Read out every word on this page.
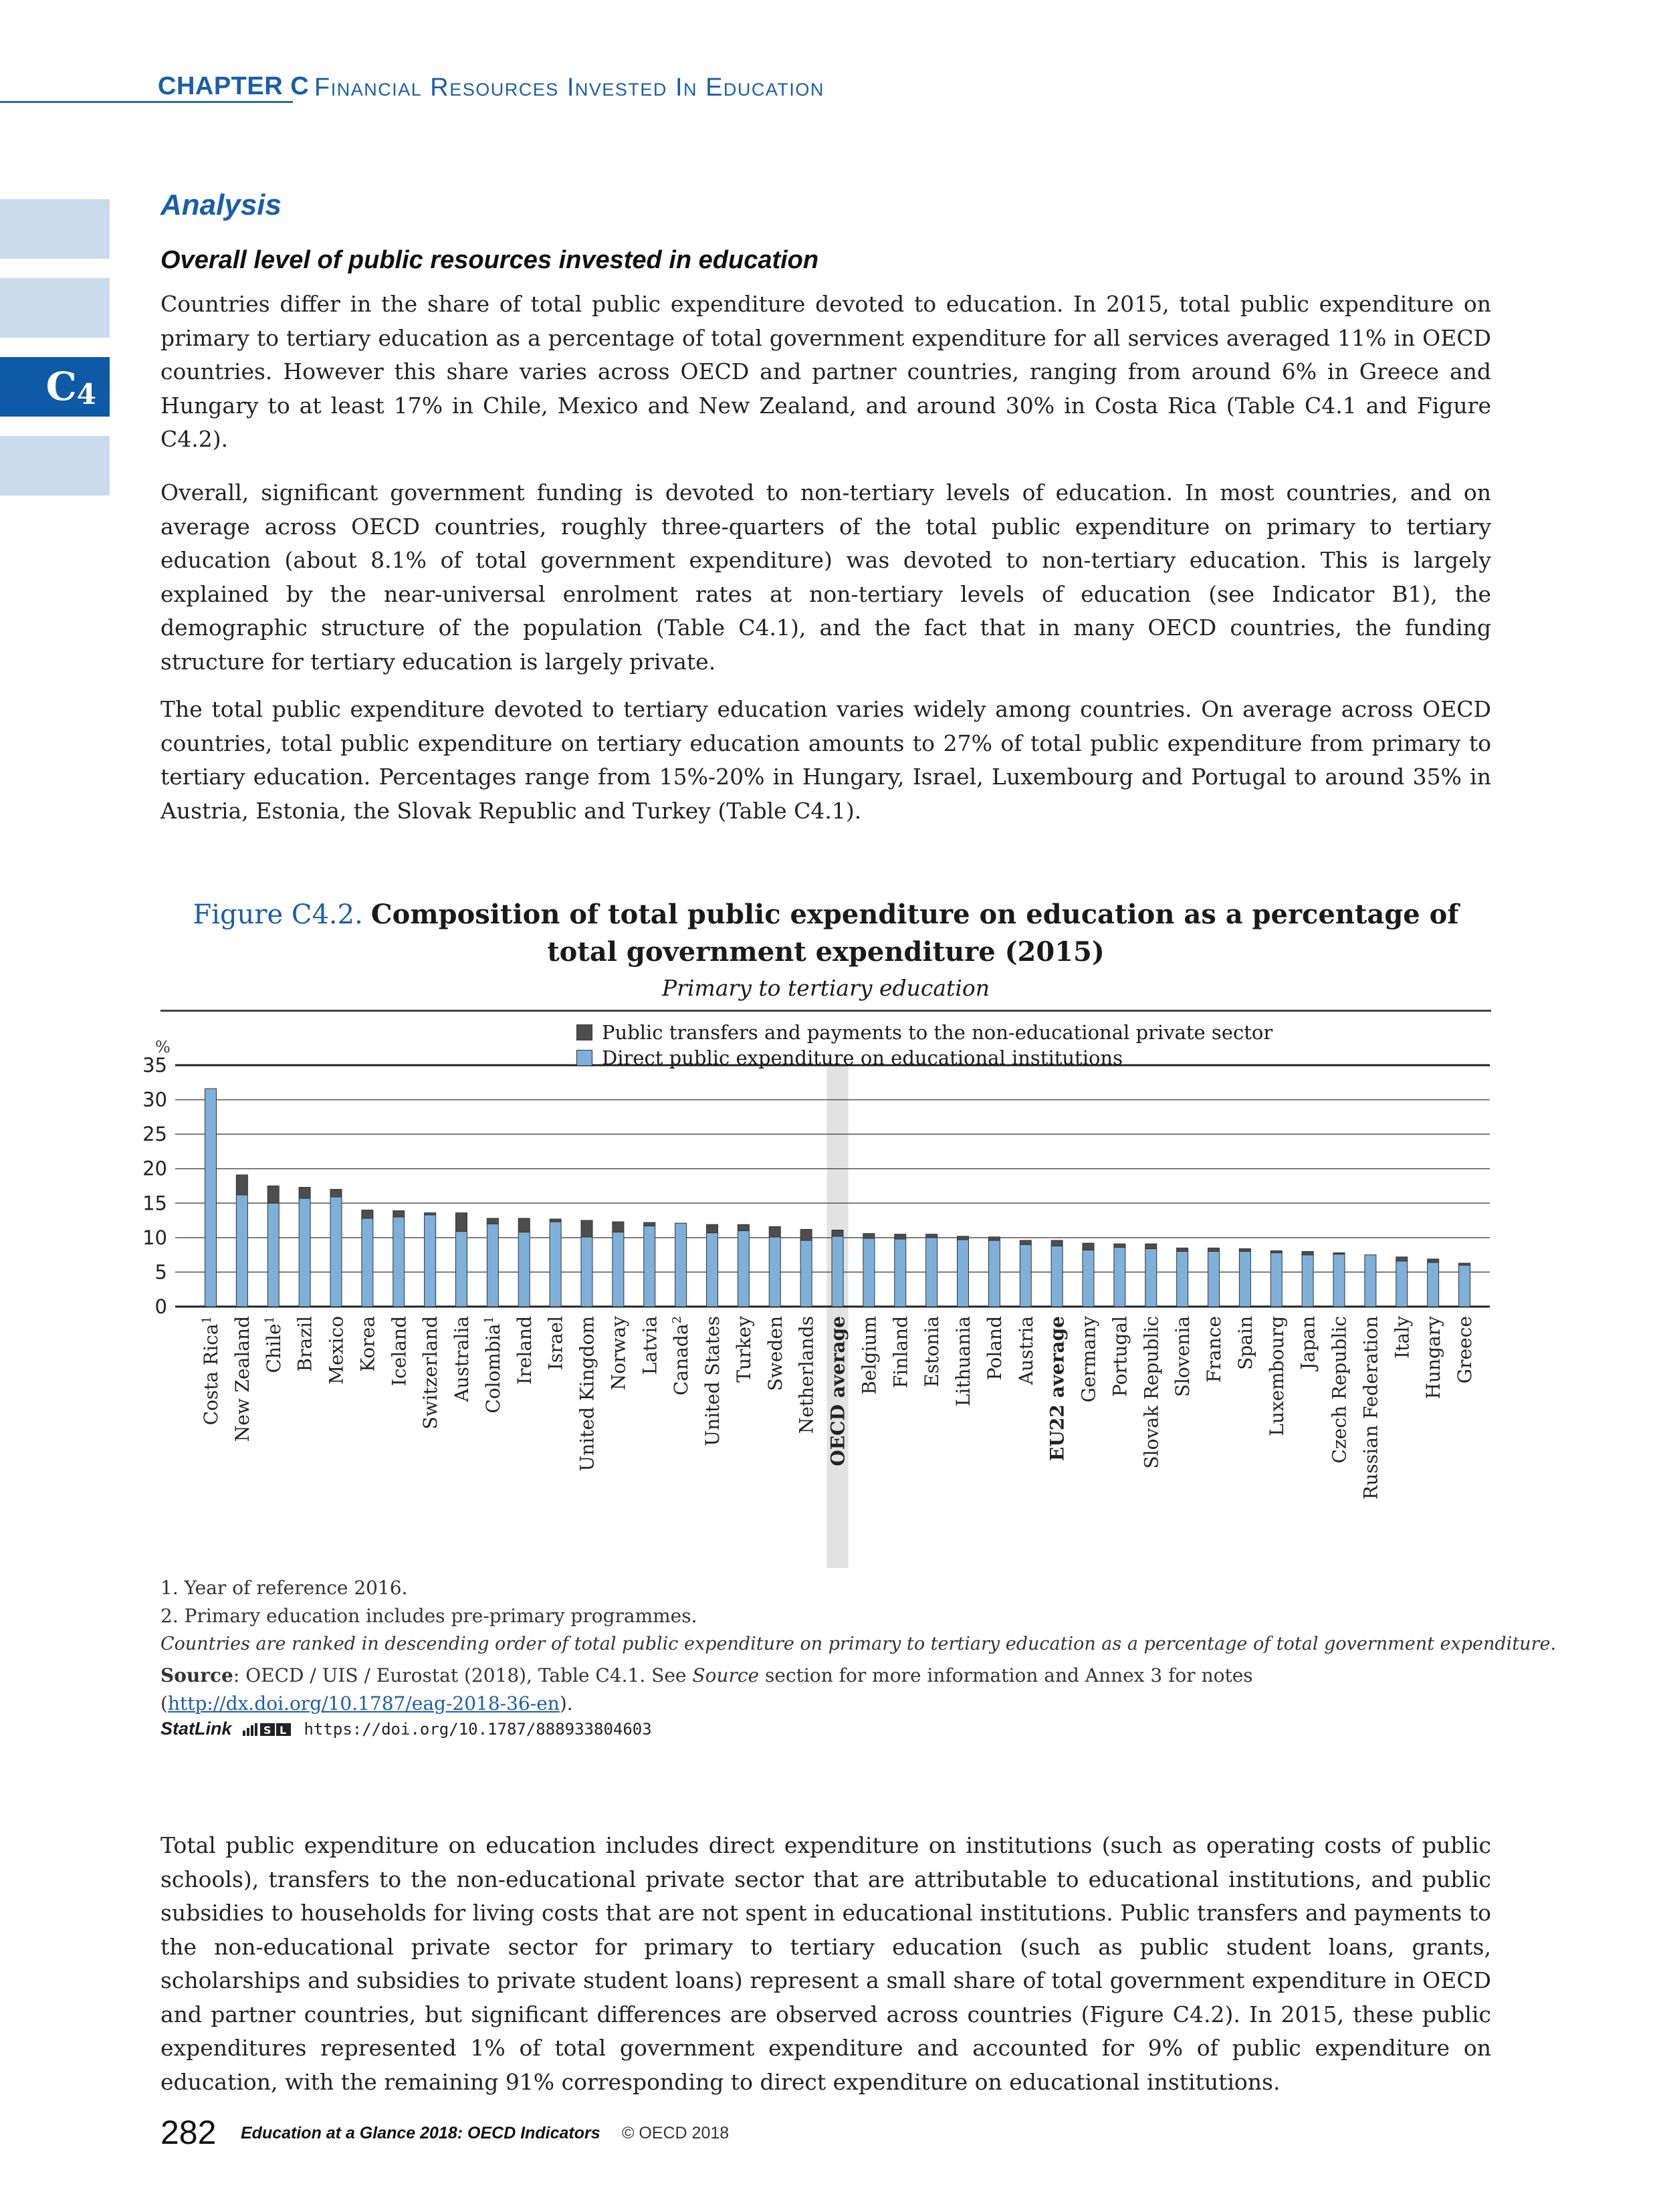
CHAPTER C Financial Resources Invested In Education
$C_4$
Analysis
Overall level of public resources invested in education
Countries differ in the share of total public expenditure devoted to education. In 2015, total public expenditure on primary to tertiary education as a percentage of total government expenditure for all services averaged 11% in OECD countries. However this share varies across OECD and partner countries, ranging from around 6% in Greece and Hungary to at least 17% in Chile, Mexico and New Zealand, and around 30% in Costa Rica (Table C4.1 and Figure C4.2).
Overall, significant government funding is devoted to non-tertiary levels of education. In most countries, and on average across OECD countries, roughly three-quarters of the total public expenditure on primary to tertiary education (about 8.1% of total government expenditure) was devoted to non-tertiary education. This is largely explained by the near-universal enrolment rates at non-tertiary levels of education (see Indicator B1), the demographic structure of the population (Table C4.1), and the fact that in many OECD countries, the funding structure for tertiary education is largely private.
The total public expenditure devoted to tertiary education varies widely among countries. On average across OECD countries, total public expenditure on tertiary education amounts to 27% of total public expenditure from primary to tertiary education. Percentages range from 15%-20% in Hungary, Israel, Luxembourg and Portugal to around 35% in Austria, Estonia, the Slovak Republic and Turkey (Table C4.1).
Figure C4.2. Composition of total public expenditure on education as a percentage of total government expenditure (2015)
Primary to tertiary education
0
5
10
15
20
25
30
35
%
Costa Rica$^1$ New Zealand Chile$^1$ Brazil Mexico Korea Iceland Switzerland Australia Colombia$^1$ Ireland Israel United Kingdom Norway Latvia Canada$^2$ United States Turkey Sweden Netherlands OECD average Belgium Finland Estonia Lithuania Poland Austria EU22 average Germany Portugal Slovak Republic Slovenia France Spain Luxembourg Japan Czech Republic Russian Federation Italy Hungary Greece
Public transfers and payments to the non-educational private sector
Direct public expenditure on educational institutions
1. Year of reference 2016.
2. Primary education includes pre-primary programmes.
Countries are ranked in descending order of total public expenditure on primary to tertiary education as a percentage of total government expenditure.
Source: OECD / UIS / Eurostat (2018), Table C4.1. See Source section for more information and Annex 3 for notes (http://dx.doi.org/10.1787/eag-2018-36-en).
StatLink	S L https://doi.org/10.1787/888933804603
Total public expenditure on education includes direct expenditure on institutions (such as operating costs of public schools), transfers to the non-educational private sector that are attributable to educational institutions, and public subsidies to households for living costs that are not spent in educational institutions. Public transfers and payments to the non-educational private sector for primary to tertiary education (such as public student loans, grants, scholarships and subsidies to private student loans) represent a small share of total government expenditure in OECD and partner countries, but significant differences are observed across countries (Figure C4.2). In 2015, these public expenditures represented 1% of total government expenditure and accounted for 9% of public expenditure on education, with the remaining 91% corresponding to direct expenditure on educational institutions.
282 Education at a Glance 2018: OECD Indicators © OECD 2018
